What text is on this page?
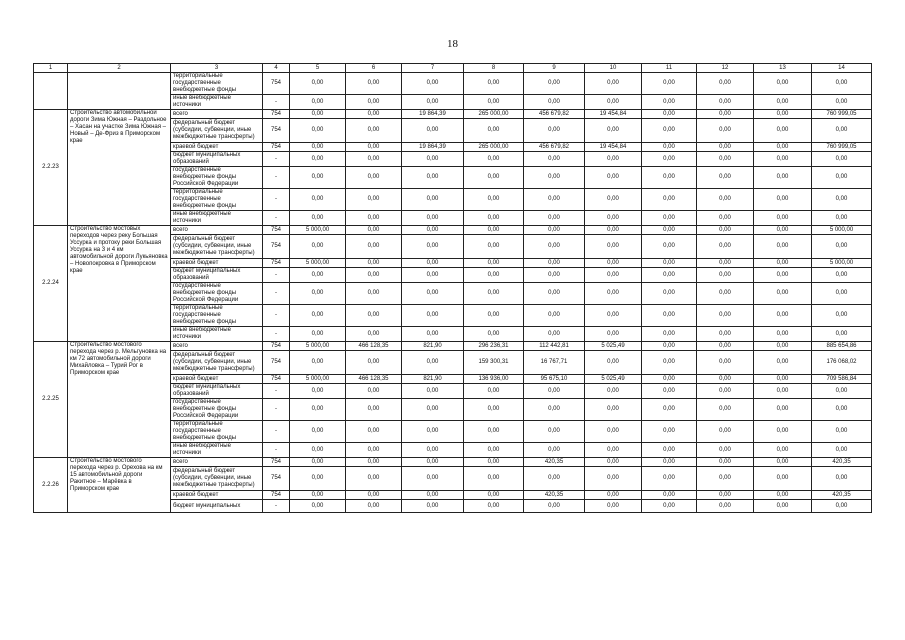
18
1	2	3	4	5	6	7	8	9	10	11	12	13	14
		территориальные государственные внебюджетные фонды	754	0,00	0,00	0,00	0,00	0,00	0,00	0,00	0,00	0,00	0,00
		иные внебюджетные источники	-	0,00	0,00	0,00	0,00	0,00	0,00	0,00	0,00	0,00	0,00
2.2.23	Строительство автомобильной дороги Зима Южная – Раздольное – Хасан на участке Зима Южная – Новый – Де-Фриз в Приморском крае	всего	754	0,00	0,00	19 864,39	265 000,00	456 679,82	19 454,84	0,00	0,00	0,00	760 999,05
		федеральный бюджет (субсидии, субвенции, иные межбюджетные трансферты)	754	0,00	0,00	0,00	0,00	0,00	0,00	0,00	0,00	0,00	0,00
		краевой бюджет	754	0,00	0,00	19 864,39	265 000,00	456 679,82	19 454,84	0,00	0,00	0,00	760 999,05
		бюджет муниципальных образований	-	0,00	0,00	0,00	0,00	0,00	0,00	0,00	0,00	0,00	0,00
		государственные внебюджетные фонды Российской Федерации	-	0,00	0,00	0,00	0,00	0,00	0,00	0,00	0,00	0,00	0,00
		территориальные государственные внебюджетные фонды	-	0,00	0,00	0,00	0,00	0,00	0,00	0,00	0,00	0,00	0,00
		иные внебюджетные источники	-	0,00	0,00	0,00	0,00	0,00	0,00	0,00	0,00	0,00	0,00
2.2.24	Строительство мостовых переходов через реку Большая Уссурка и протоку реки Большая Уссурка на 3 и 4 км автомобильной дороги Лукьяновка – Новопокровка в Приморском крае	всего	754	5 000,00	0,00	0,00	0,00	0,00	0,00	0,00	0,00	0,00	5 000,00
		федеральный бюджет (субсидии, субвенции, иные межбюджетные трансферты)	754	0,00	0,00	0,00	0,00	0,00	0,00	0,00	0,00	0,00	0,00
		краевой бюджет	754	5 000,00	0,00	0,00	0,00	0,00	0,00	0,00	0,00	0,00	5 000,00
		бюджет муниципальных образований	-	0,00	0,00	0,00	0,00	0,00	0,00	0,00	0,00	0,00	0,00
		государственные внебюджетные фонды Российской Федерации	-	0,00	0,00	0,00	0,00	0,00	0,00	0,00	0,00	0,00	0,00
		территориальные государственные внебюджетные фонды	-	0,00	0,00	0,00	0,00	0,00	0,00	0,00	0,00	0,00	0,00
		иные внебюджетные источники	-	0,00	0,00	0,00	0,00	0,00	0,00	0,00	0,00	0,00	0,00
2.2.25	Строительство мостового перехода через р. Мельгуновка на км 72 автомобильной дороги Михайловка – Турий Рог в Приморском крае	всего	754	5 000,00	466 128,35	821,90	296 236,31	112 442,81	5 025,49	0,00	0,00	0,00	885 654,86
		федеральный бюджет (субсидии, субвенции, иные межбюджетные трансферты)	754	0,00	0,00	0,00	159 300,31	16 767,71	0,00	0,00	0,00	0,00	176 068,02
		краевой бюджет	754	5 000,00	466 128,35	821,90	136 936,00	95 675,10	5 025,49	0,00	0,00	0,00	709 586,84
		бюджет муниципальных образований	-	0,00	0,00	0,00	0,00	0,00	0,00	0,00	0,00	0,00	0,00
		государственные внебюджетные фонды Российской Федерации	-	0,00	0,00	0,00	0,00	0,00	0,00	0,00	0,00	0,00	0,00
		территориальные государственные внебюджетные фонды	-	0,00	0,00	0,00	0,00	0,00	0,00	0,00	0,00	0,00	0,00
		иные внебюджетные источники	-	0,00	0,00	0,00	0,00	0,00	0,00	0,00	0,00	0,00	0,00
2.2.26	Строительство мостового перехода через р. Орехова на км 15 автомобильной дороги Ракитное – Марёвка в Приморском крае	всего	754	0,00	0,00	0,00	0,00	420,35	0,00	0,00	0,00	0,00	420,35
		федеральный бюджет (субсидии, субвенции, иные межбюджетные трансферты)	754	0,00	0,00	0,00	0,00	0,00	0,00	0,00	0,00	0,00	0,00
		краевой бюджет	754	0,00	0,00	0,00	0,00	420,35	0,00	0,00	0,00	0,00	420,35
		бюджет муниципальных	-	0,00	0,00	0,00	0,00	0,00	0,00	0,00	0,00	0,00	0,00
